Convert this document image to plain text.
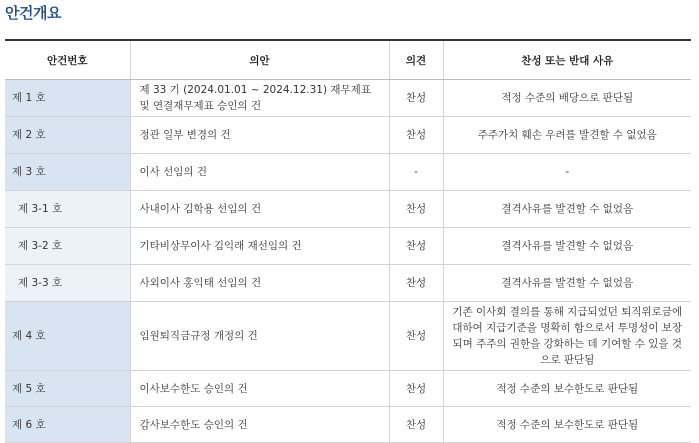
안건개요
안건번호	의안	의견	찬성 또는 반대 사유
제 1 호	제 33 기 (2024.01.01 ~ 2024.12.31) 재무제표 및 연결재무제표 승인의 건	찬성	적정 수준의 배당으로 판단됨
제 2 호	정관 일부 변경의 건	찬성	주주가치 훼손 우려를 발견할 수 없었음
제 3 호	이사 선임의 건	-	-
제 3-1 호	사내이사 김학용 선임의 건	찬성	결격사유를 발견할 수 없었음
제 3-2 호	기타비상무이사 김익래 재선임의 건	찬성	결격사유를 발견할 수 없었음
제 3-3 호	사외이사 홍익태 선임의 건	찬성	결격사유를 발견할 수 없었음
제 4 호	임원퇴직금규정 개정의 건	찬성	기존 이사회 결의를 통해 지급되었던 퇴직위로금에 대하여 지급기준을 명확히 함으로서 투명성이 보장되며 주주의 권한을 강화하는 데 기여할 수 있을 것으로 판단됨
제 5 호	이사보수한도 승인의 건	찬성	적정 수준의 보수한도로 판단됨
제 6 호	감사보수한도 승인의 건	찬성	적정 수준의 보수한도로 판단됨
